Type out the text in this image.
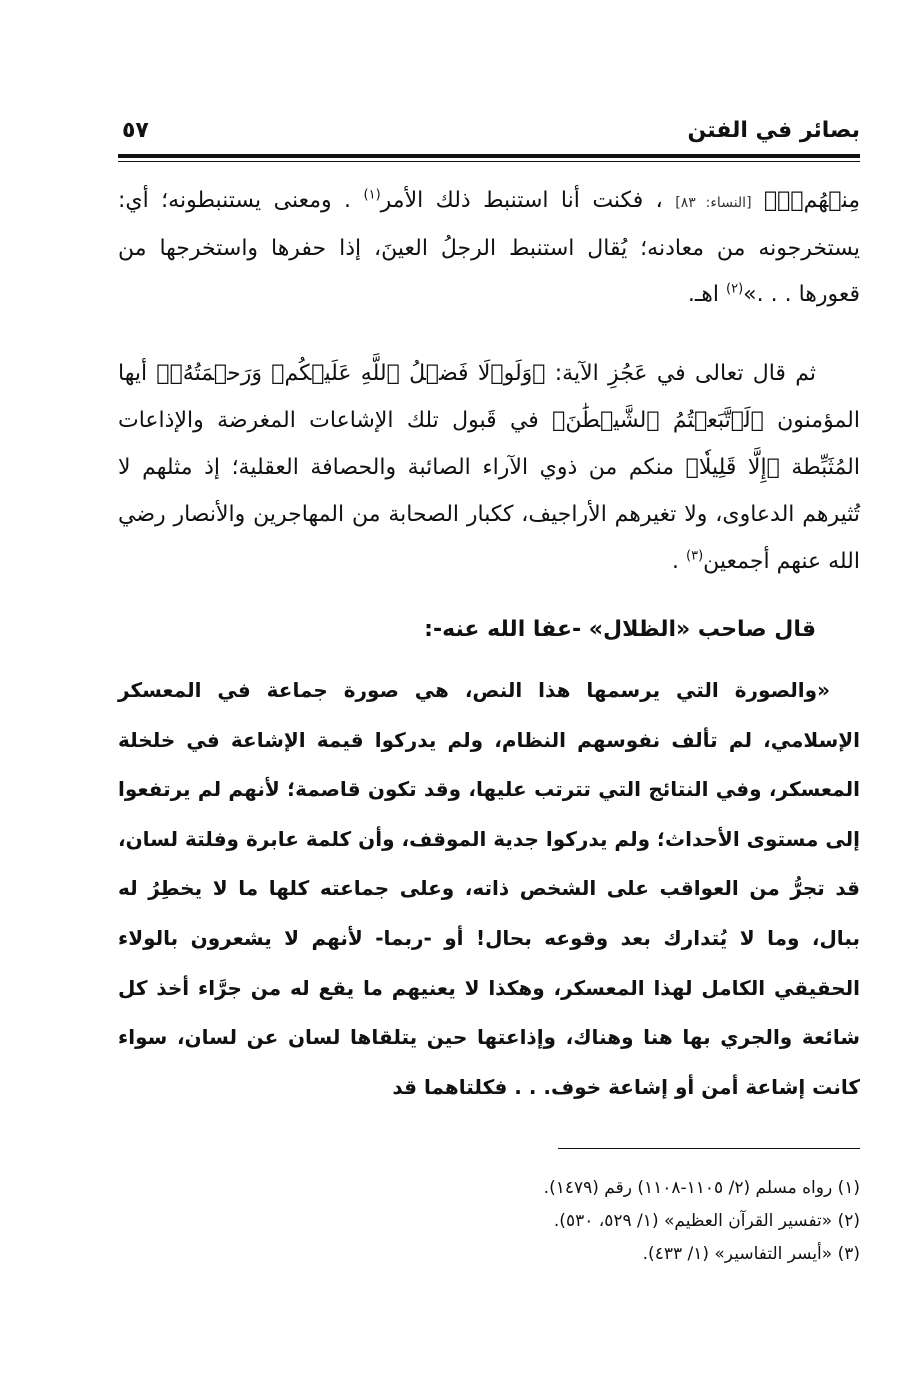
بصائر في الفتن
٥٧

مِنۡهُمۡۗ﴾ [النساء: ٨٣] ، فكنت أنا استنبط ذلك الأمر$^{(١)}$ . ومعنى يستنبطونه؛ أي: يستخرجونه من معادنه؛ يُقال استنبط الرجلُ العينَ، إذا حفرها واستخرجها من قعورها . . .»$^{(٢)}$ اهـ.

ثم قال تعالى في عَجُزِ الآية: ﴿وَلَوۡلَا فَضۡلُ ٱللَّهِ عَلَيۡكُمۡ وَرَحۡمَتُهُۥ﴾ أيها المؤمنون ﴿لَٱتَّبَعۡتُمُ ٱلشَّيۡطَٰنَ﴾ في قَبول تلك الإشاعات المغرضة والإذاعات المُثَبِّطة ﴿إِلَّا قَلِيلٗا﴾ منكم من ذوي الآراء الصائبة والحصافة العقلية؛ إذ مثلهم لا تُثيرهم الدعاوى، ولا تغيرهم الأراجيف، ككبار الصحابة من المهاجرين والأنصار رضي الله عنهم أجمعين$^{(٣)}$ .

قال صاحب «الظلال» -عفا الله عنه-:

«والصورة التي يرسمها هذا النص، هي صورة جماعة في المعسكر الإسلامي، لم تألف نفوسهم النظام، ولم يدركوا قيمة الإشاعة في خلخلة المعسكر، وفي النتائج التي تترتب عليها، وقد تكون قاصمة؛ لأنهم لم يرتفعوا إلى مستوى الأحداث؛ ولم يدركوا جدية الموقف، وأن كلمة عابرة وفلتة لسان، قد تجرُّ من العواقب على الشخص ذاته، وعلى جماعته كلها ما لا يخطِرُ له ببال، وما لا يُتدارك بعد وقوعه بحال! أو -ربما- لأنهم لا يشعرون بالولاء الحقيقي الكامل لهذا المعسكر، وهكذا لا يعنيهم ما يقع له من جرَّاء أخذ كل شائعة والجري بها هنا وهناك، وإذاعتها حين يتلقاها لسان عن لسان، سواء كانت إشاعة أمن أو إشاعة خوف. . . فكلتاهما قد

(١) رواه مسلم (٢/ ١١٠٥-١١٠٨) رقم (١٤٧٩).
(٢) «تفسير القرآن العظيم» (١/ ٥٢٩، ٥٣٠).
(٣) «أيسر التفاسير» (١/ ٤٣٣).
